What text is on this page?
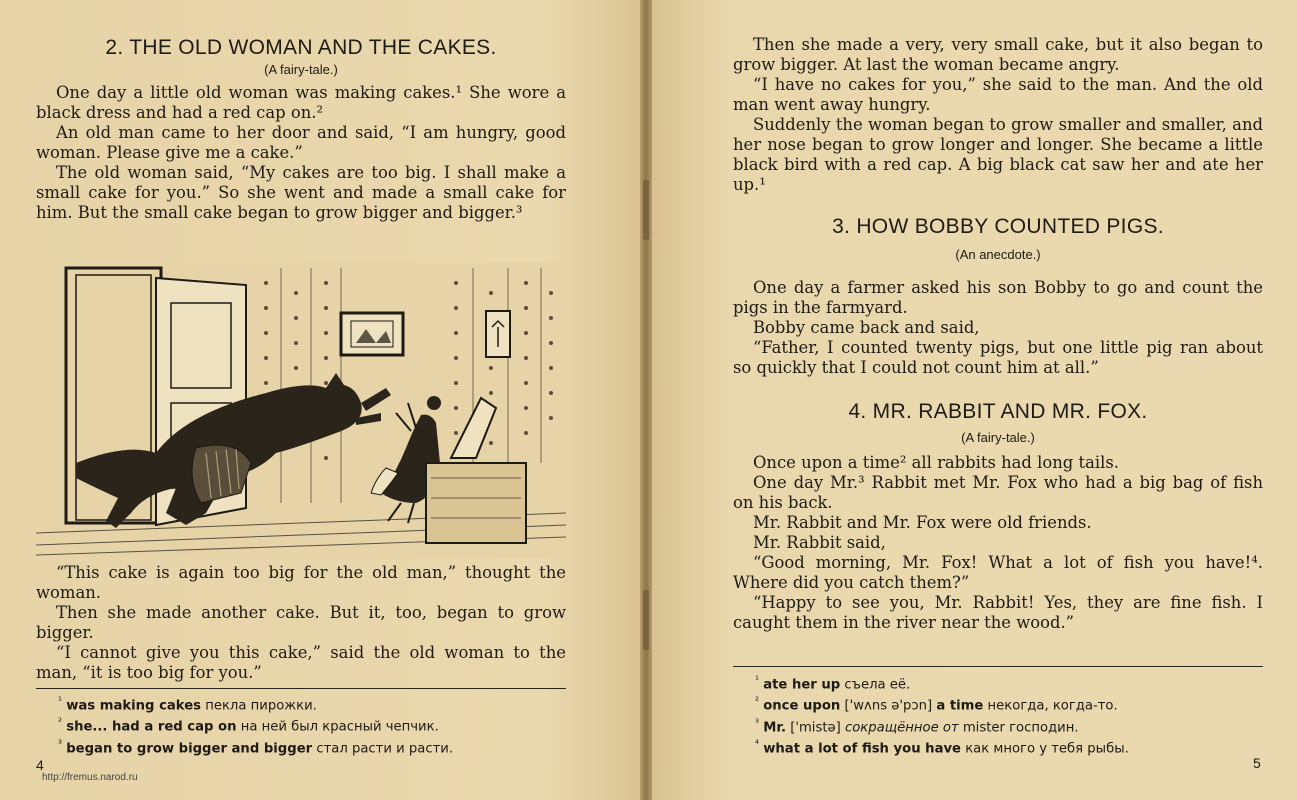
2. THE OLD WOMAN AND THE CAKES.
(A fairy-tale.)

One day a little old woman was making cakes.¹ She wore a black dress and had a red cap on.²

An old man came to her door and said, “I am hungry, good woman. Please give me a cake.”

The old woman said, “My cakes are too big. I shall make a small cake for you.” So she went and made a small cake for him. But the small cake began to grow bigger and bigger.³

“This cake is again too big for the old man,” thought the woman.

Then she made another cake. But it, too, began to grow bigger.

“I cannot give you this cake,” said the old woman to the man, “it is too big for you.”

$^{^1}$ was making cakes пекла пирожки.
$^{^2}$ she... had a red cap on на ней был красный чепчик.
$^{^3}$ began to grow bigger and bigger стал расти и расти.
4
http://fremus.narod.ru

Then she made a very, very small cake, but it also began to grow bigger. At last the woman became angry.

“I have no cakes for you,” she said to the man. And the old man went away hungry.

Suddenly the woman began to grow smaller and smaller, and her nose began to grow longer and longer. She became a little black bird with a red cap. A big black cat saw her and ate her up.¹

3. HOW BOBBY COUNTED PIGS.
(An anecdote.)

One day a farmer asked his son Bobby to go and count the pigs in the farmyard.

Bobby came back and said,

“Father, I counted twenty pigs, but one little pig ran about so quickly that I could not count him at all.”

4. MR. RABBIT AND MR. FOX.
(A fairy-tale.)

Once upon a time² all rabbits had long tails.

One day Mr.³ Rabbit met Mr. Fox who had a big bag of fish on his back.

Mr. Rabbit and Mr. Fox were old friends.

Mr. Rabbit said,

“Good morning, Mr. Fox! What a lot of fish you have!⁴. Where did you catch them?”

“Happy to see you, Mr. Rabbit! Yes, they are fine fish. I caught them in the river near the wood.”

$^{^1}$ ate her up съела её.
$^{^2}$ once upon ['wʌns ə'pɔn] a time некогда, когда-то.
$^{^3}$ Mr. ['mistə] сокращённое от mister господин.
$^{^4}$ what a lot of fish you have как много у тебя рыбы.
5
